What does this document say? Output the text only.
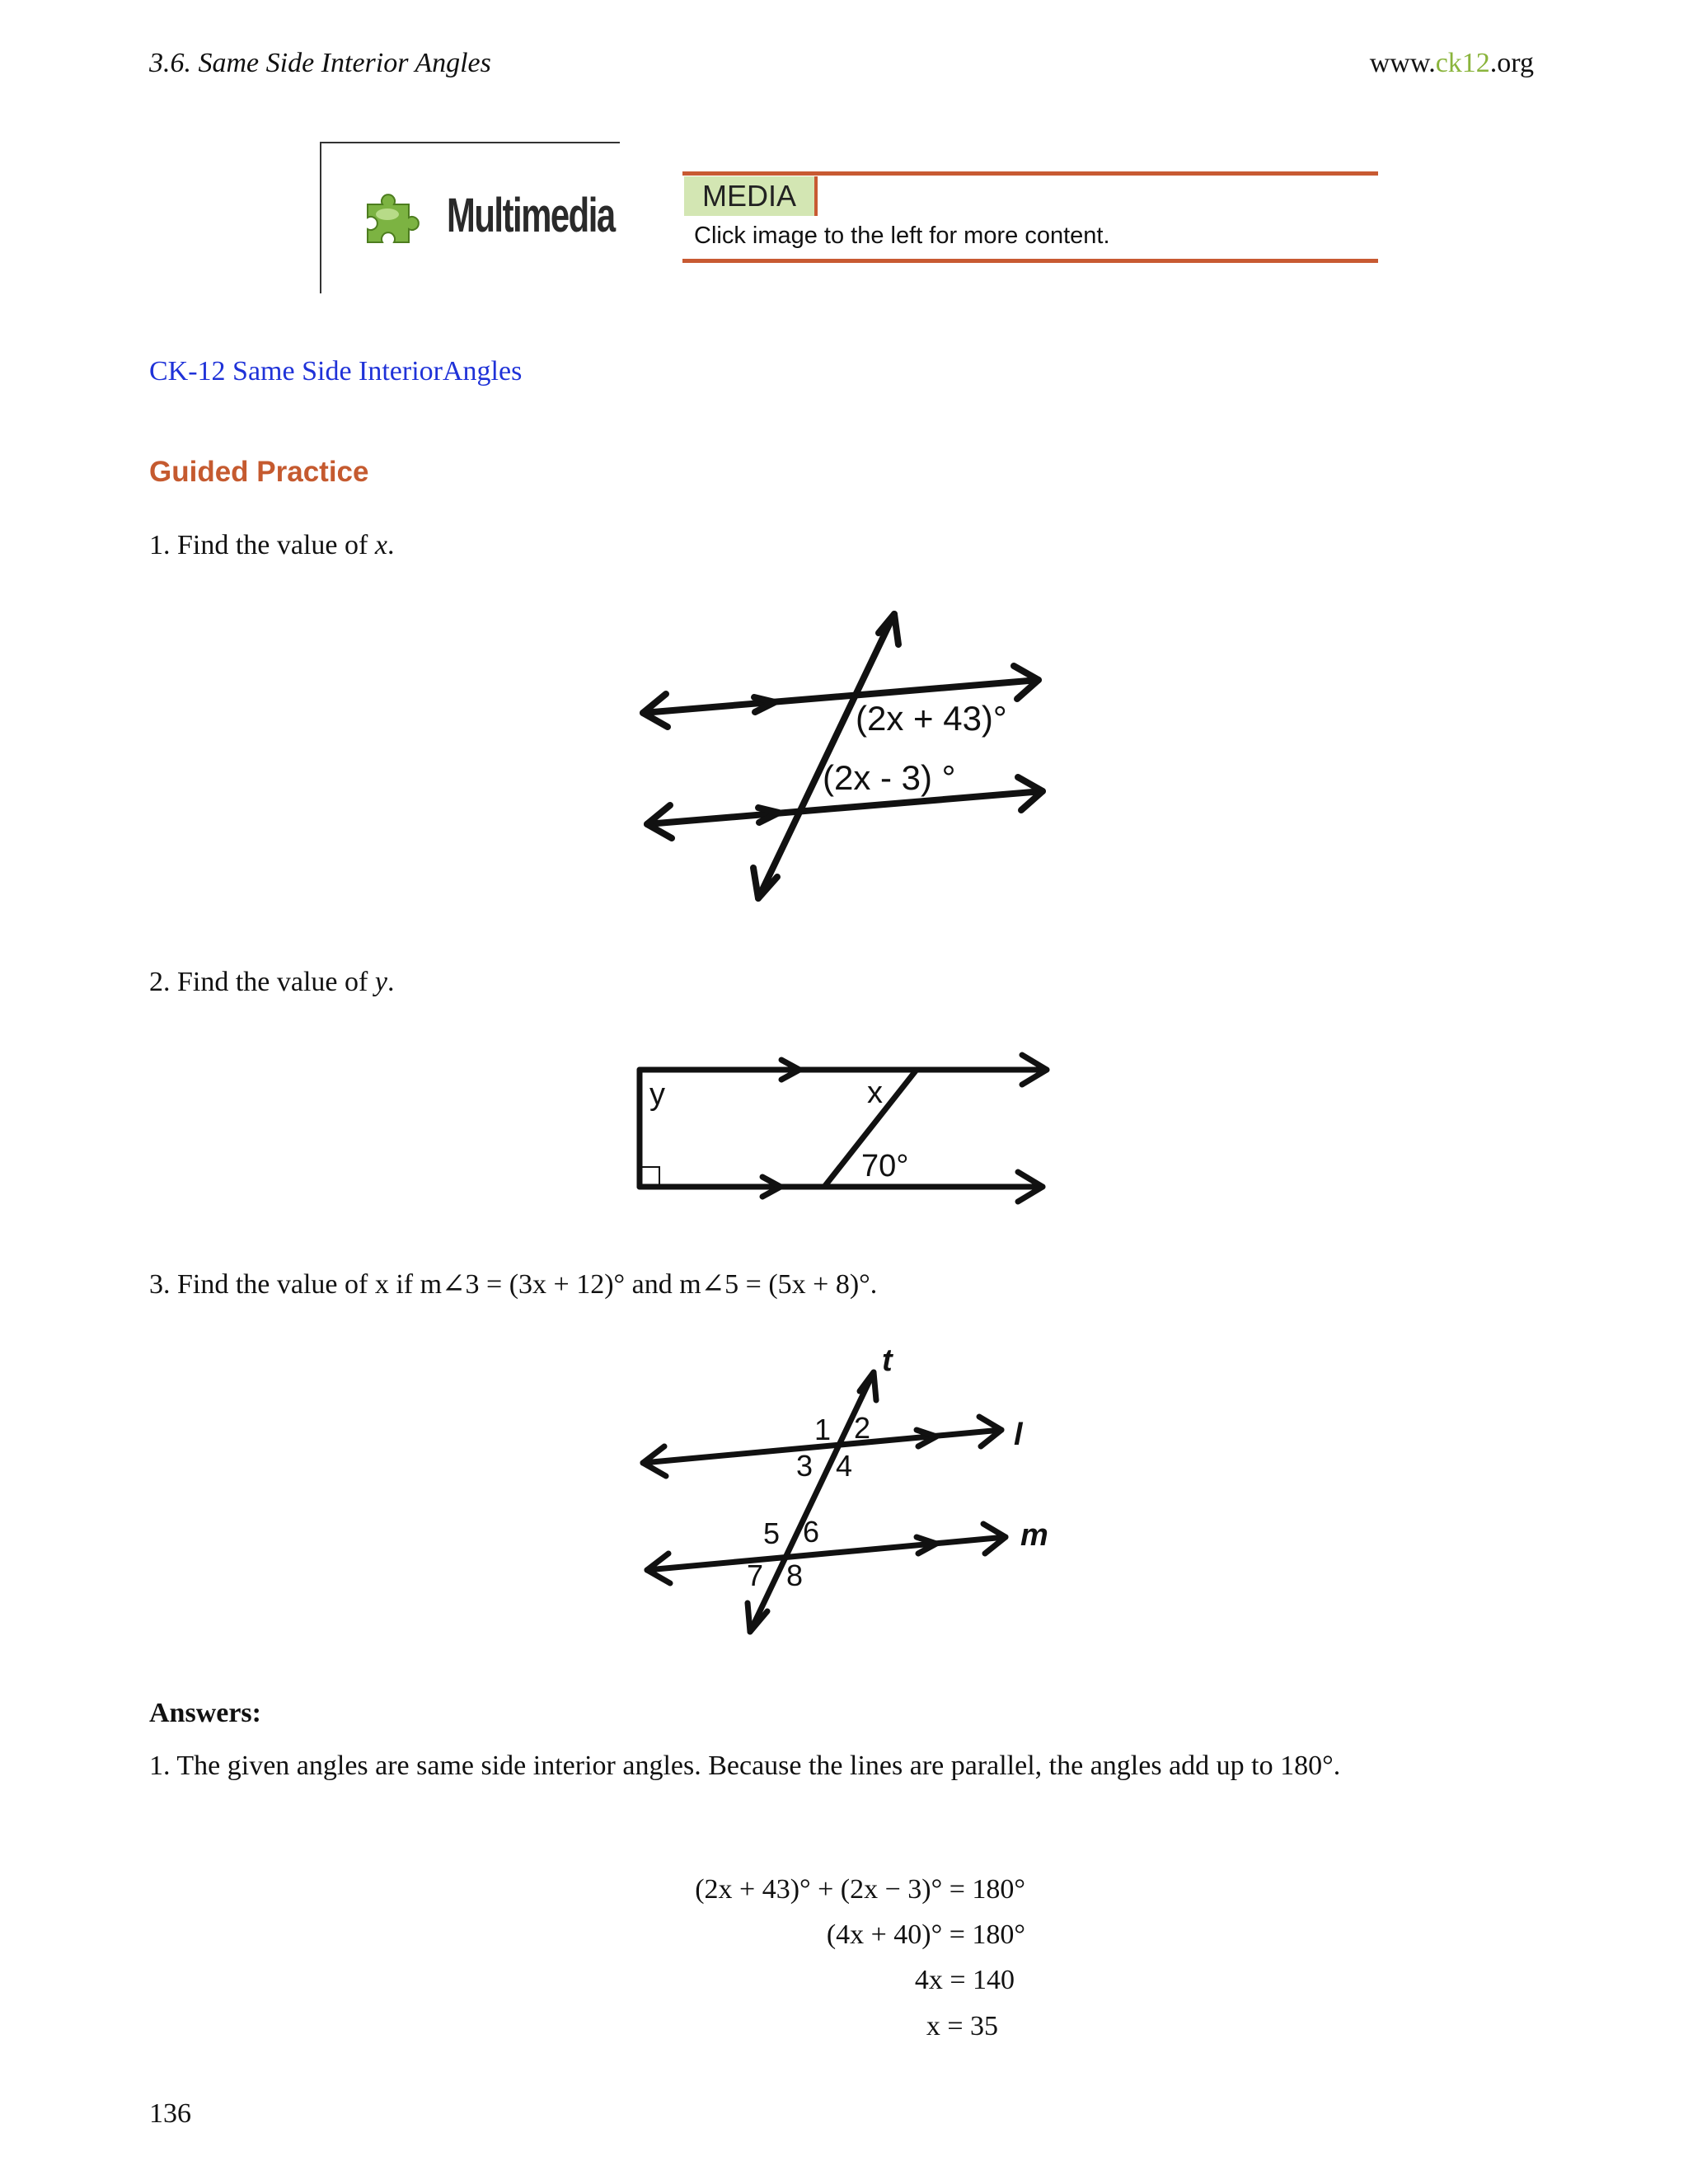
3.6. Same Side Interior Angles	www.ck12.org
Multimedia	MEDIA
Click image to the left for more content.
CK-12 Same Side InteriorAngles
Guided Practice
1. Find the value of x.
(2x + 43)°
(2x - 3) °
2. Find the value of y.
y	x
70°
3. Find the value of x if m∠3 = (3x + 12)° and m∠5 = (5x + 8)°.
t
l
m
1 2
3 4
5 6
7 8
Answers:
1. The given angles are same side interior angles. Because the lines are parallel, the angles add up to 180°.
(2x + 43)° + (2x − 3)° = 180°
(4x + 40)° = 180°
4x = 140
x = 35
136
